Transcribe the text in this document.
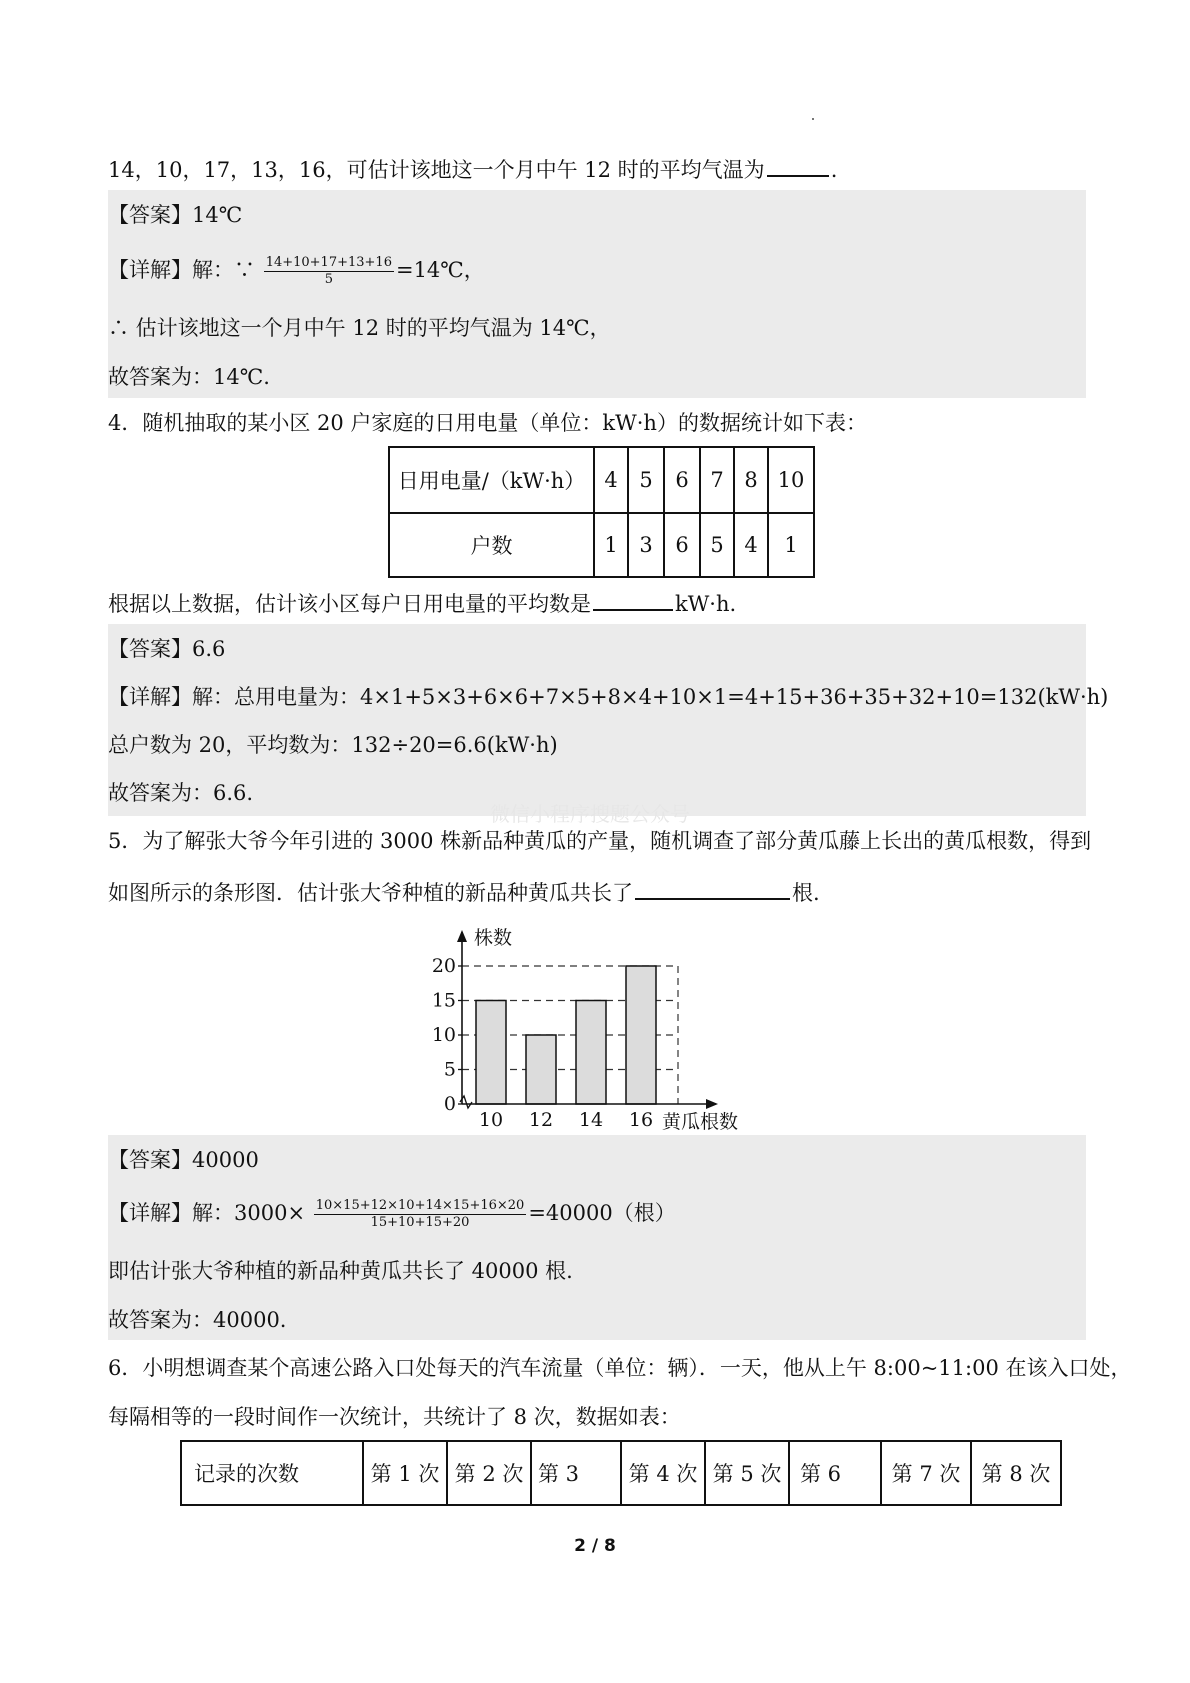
14，10，17，13，16，可估计该地这一个月中午 12 时的平均气温为	.
【答案】14℃
【详解】解：∵ $\frac{14+10+17+13+16}{5}$ =14℃，
∴ 估计该地这一个月中午 12 时的平均气温为 14℃，
故答案为：14℃.
4．随机抽取的某小区 20 户家庭的日用电量（单位：kW·h）的数据统计如下表：
日用电量/（kW·h）	4	5	6	7	8	10
户数	1	3	6	5	4	1
根据以上数据，估计该小区每户日用电量的平均数是	kW·h.
微信小程序搜题公众号
【答案】6.6
【详解】解：总用电量为：4×1+5×3+6×6+7×5+8×4+10×1=4+15+36+35+32+10=132(kW·h)
总户数为 20，平均数为：132÷20=6.6(kW·h)
故答案为：6.6.
5．为了解张大爷今年引进的 3000 株新品种黄瓜的产量，随机调查了部分黄瓜藤上长出的黄瓜根数，得到
如图所示的条形图．估计张大爷种植的新品种黄瓜共长了	根.
10 12 14 16
0
5
10
15
20
株数
黄瓜根数
【答案】40000
【详解】解：$3000\times \frac{10\times 15+12\times 10+14\times 15+16\times 20}{15+10+15+20} =40000$（根）
即估计张大爷种植的新品种黄瓜共长了 40000 根.
故答案为：40000.
6．小明想调查某个高速公路入口处每天的汽车流量（单位：辆）．一天，他从上午 8:00~11:00 在该入口处，
每隔相等的一段时间作一次统计，共统计了 8 次，数据如表：
记录的次数	第 1 次	第 2 次	第 3	第 4 次	第 5 次	第 6	第 7 次	第 8 次
2 / 8
